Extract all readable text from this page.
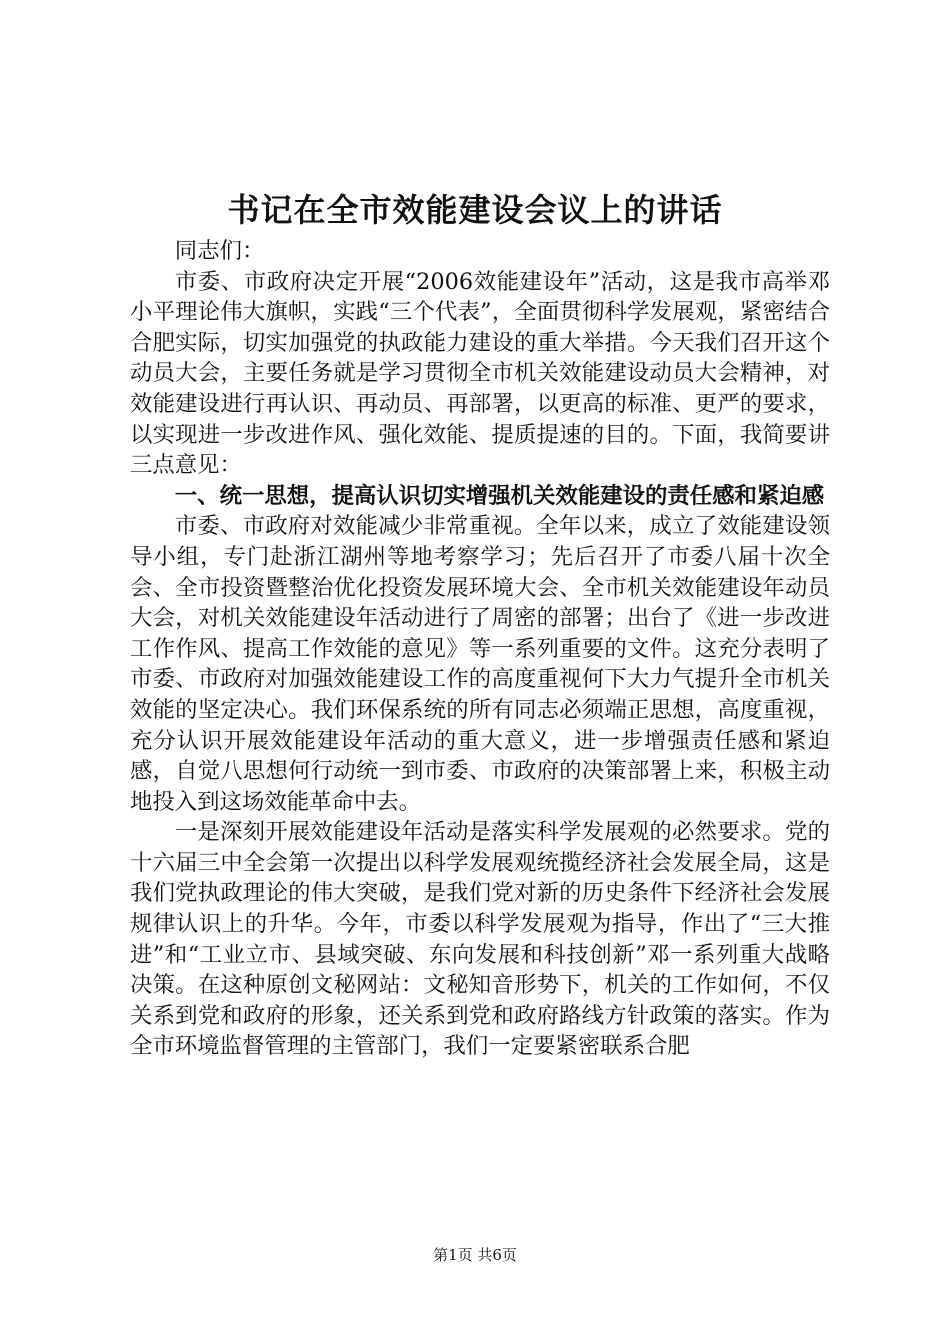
书记在全市效能建设会议上的讲话

同志们：

市委、市政府决定开展“2006效能建设年”活动，这是我市高举邓小平理论伟大旗帜，实践“三个代表”，全面贯彻科学发展观，紧密结合合肥实际，切实加强党的执政能力建设的重大举措。今天我们召开这个动员大会，主要任务就是学习贯彻全市机关效能建设动员大会精神，对效能建设进行再认识、再动员、再部署，以更高的标准、更严的要求，以实现进一步改进作风、强化效能、提质提速的目的。下面，我简要讲三点意见：

一、统一思想，提高认识切实增强机关效能建设的责任感和紧迫感

市委、市政府对效能减少非常重视。全年以来，成立了效能建设领导小组，专门赴浙江湖州等地考察学习；先后召开了市委八届十次全会、全市投资暨整治优化投资发展环境大会、全市机关效能建设年动员大会，对机关效能建设年活动进行了周密的部署；出台了《进一步改进工作作风、提高工作效能的意见》等一系列重要的文件。这充分表明了市委、市政府对加强效能建设工作的高度重视何下大力气提升全市机关效能的坚定决心。我们环保系统的所有同志必须端正思想，高度重视，充分认识开展效能建设年活动的重大意义，进一步增强责任感和紧迫感，自觉八思想何行动统一到市委、市政府的决策部署上来，积极主动地投入到这场效能革命中去。

一是深刻开展效能建设年活动是落实科学发展观的必然要求。党的十六届三中全会第一次提出以科学发展观统揽经济社会发展全局，这是我们党执政理论的伟大突破，是我们党对新的历史条件下经济社会发展规律认识上的升华。今年，市委以科学发展观为指导，作出了“三大推进”和“工业立市、县域突破、东向发展和科技创新”邓一系列重大战略决策。在这种原创文秘网站：文秘知音形势下，机关的工作如何，不仅关系到党和政府的形象，还关系到党和政府路线方针政策的落实。作为全市环境监督管理的主管部门，我们一定要紧密联系合肥

第1页 共6页
